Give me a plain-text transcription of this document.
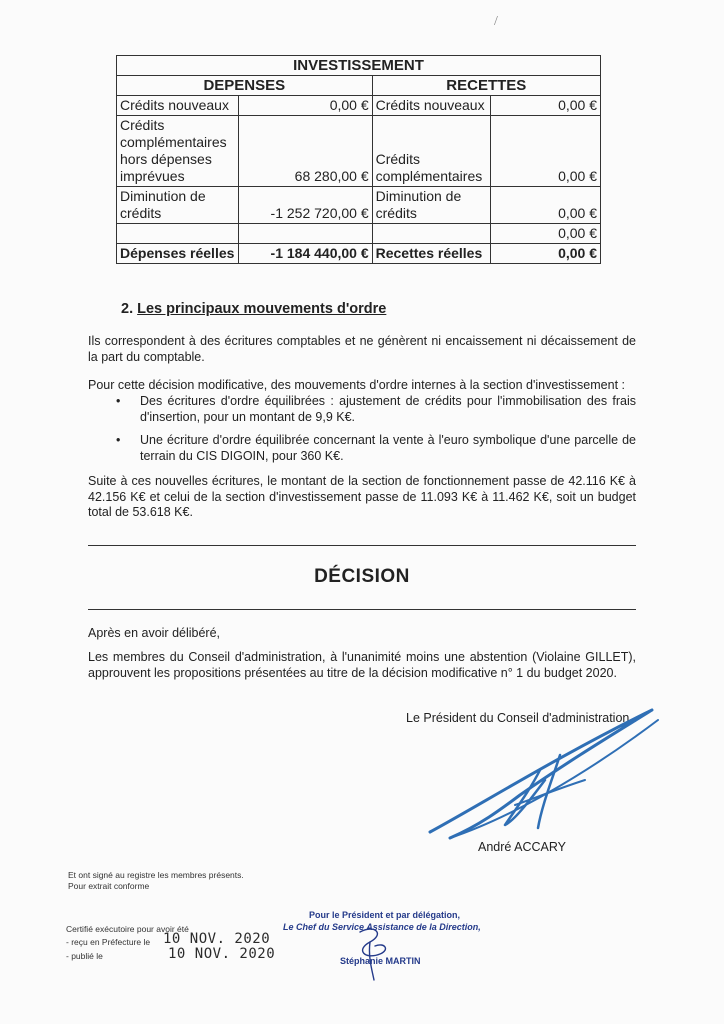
/
INVESTISSEMENT			
DEPENSES		RECETTES	
Crédits nouveaux	0,00 €	Crédits nouveaux	0,00 €
Crédits complémentaires hors dépenses imprévues	68 280,00 €	Crédits complémentaires	0,00 €
Diminution de crédits	-1 252 720,00 €	Diminution de crédits	0,00 €
			0,00 €
Dépenses réelles	-1 184 440,00 €	Recettes réelles	0,00 €
2. Les principaux mouvements d'ordre
Ils correspondent à des écritures comptables et ne génèrent ni encaissement ni décaissement de la part du comptable.
Pour cette décision modificative, des mouvements d'ordre internes à la section d'investissement :
• Des écritures d'ordre équilibrées : ajustement de crédits pour l'immobilisation des frais d'insertion, pour un montant de 9,9 K€.
• Une écriture d'ordre équilibrée concernant la vente à l'euro symbolique d'une parcelle de terrain du CIS DIGOIN, pour 360 K€.
Suite à ces nouvelles écritures, le montant de la section de fonctionnement passe de 42.116 K€ à 42.156 K€ et celui de la section d'investissement passe de 11.093 K€ à 11.462 K€, soit un budget total de 53.618 K€.
DÉCISION
Après en avoir délibéré,
Les membres du Conseil d'administration, à l'unanimité moins une abstention (Violaine GILLET), approuvent les propositions présentées au titre de la décision modificative n° 1 du budget 2020.
Le Président du Conseil d'administration
André ACCARY
Et ont signé au registre les membres présents.
Pour extrait conforme
Certifié exécutoire pour avoir été
- reçu en Préfecture le
- publié le
10 NOV. 2020
10 NOV. 2020
Pour le Président et par délégation,
Le Chef du Service Assistance de la Direction,
Stéphanie MARTIN
